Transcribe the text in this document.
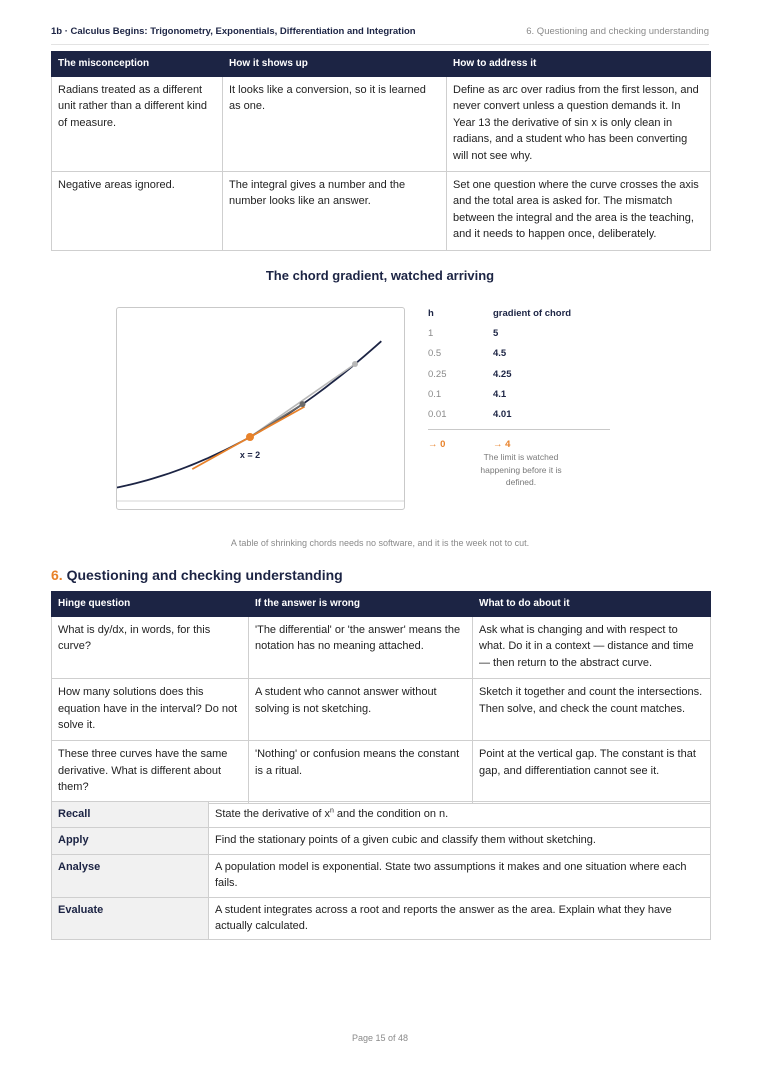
1b · Calculus Begins: Trigonometry, Exponentials, Differentiation and Integration	6. Questioning and checking understanding
The misconception	How it shows up	How to address it
Radians treated as a different unit rather than a different kind of measure.	It looks like a conversion, so it is learned as one.	Define as arc over radius from the first lesson, and never convert unless a question demands it. In Year 13 the derivative of sin x is only clean in radians, and a student who has been converting will not see why.
Negative areas ignored.	The integral gives a number and the number looks like an answer.	Set one question where the curve crosses the axis and the total area is asked for. The mismatch between the integral and the area is the teaching, and it needs to happen once, deliberately.
The chord gradient, watched arriving
x = 2
h	gradient of chord
1	5
0.5	4.5
0.25	4.25
0.1	4.1
0.01	4.01
→ 0	→ 4
The limit is watched happening before it is defined.
A table of shrinking chords needs no software, and it is the week not to cut.
6. Questioning and checking understanding
Hinge question	If the answer is wrong	What to do about it
What is dy/dx, in words, for this curve?	'The differential' or 'the answer' means the notation has no meaning attached.	Ask what is changing and with respect to what. Do it in a context — distance and time — then return to the abstract curve.
How many solutions does this equation have in the interval? Do not solve it.	A student who cannot answer without solving is not sketching.	Sketch it together and count the intersections. Then solve, and check the count matches.
These three curves have the same derivative. What is different about them?	'Nothing' or confusion means the constant is a ritual.	Point at the vertical gap. The constant is that gap, and differentiation cannot see it.
Recall	State the derivative of $x^n$ and the condition on n.
Apply	Find the stationary points of a given cubic and classify them without sketching.
Analyse	A population model is exponential. State two assumptions it makes and one situation where each fails.
Evaluate	A student integrates across a root and reports the answer as the area. Explain what they have actually calculated.
Page 15 of 48
